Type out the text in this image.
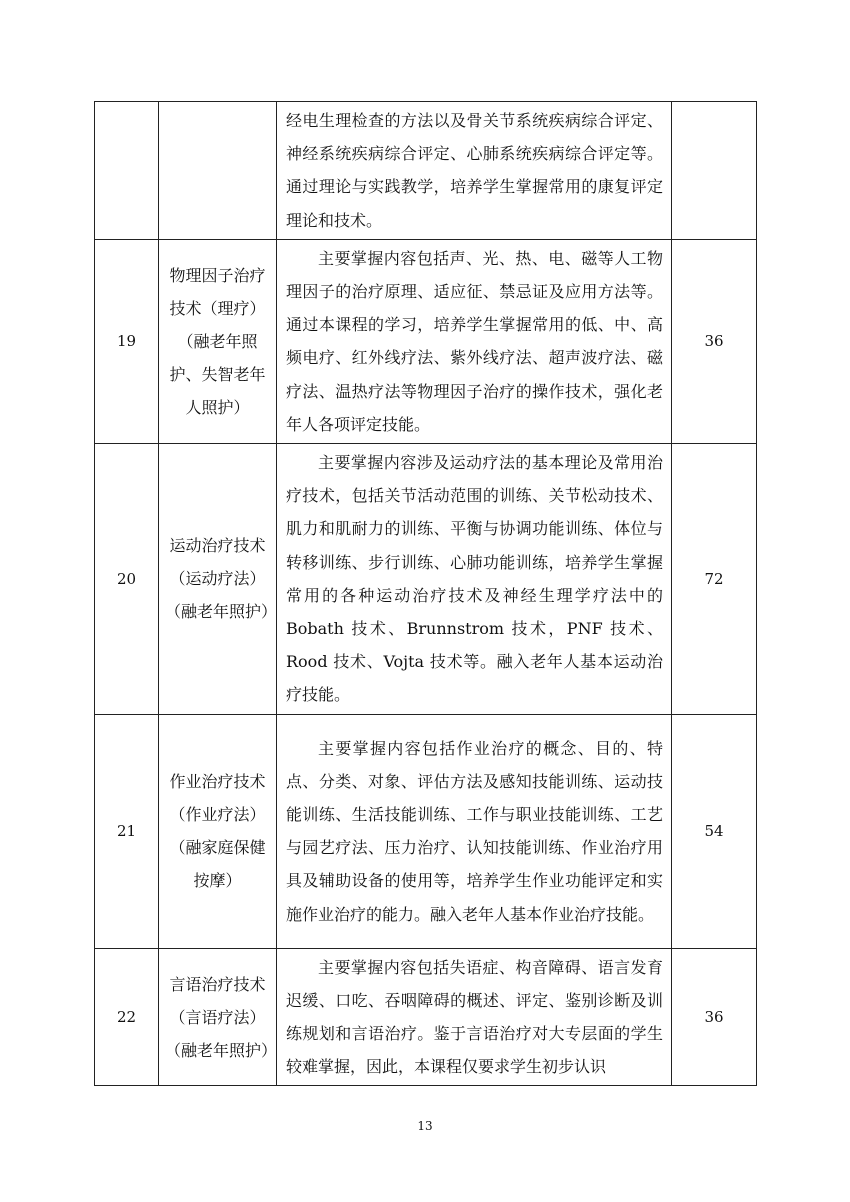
		经电生理检查的方法以及骨关节系统疾病综合评定、神经系统疾病综合评定、心肺系统疾病综合评定等。通过理论与实践教学，培养学生掌握常用的康复评定理论和技术。	
19	物理因子治疗技术（理疗）（融老年照护、失智老年人照护）	主要掌握内容包括声、光、热、电、磁等人工物理因子的治疗原理、适应征、禁忌证及应用方法等。通过本课程的学习，培养学生掌握常用的低、中、高频电疗、红外线疗法、紫外线疗法、超声波疗法、磁疗法、温热疗法等物理因子治疗的操作技术，强化老年人各项评定技能。	36
20	运动治疗技术（运动疗法）（融老年照护）	主要掌握内容涉及运动疗法的基本理论及常用治疗技术，包括关节活动范围的训练、关节松动技术、肌力和肌耐力的训练、平衡与协调功能训练、体位与转移训练、步行训练、心肺功能训练，培养学生掌握常用的各种运动治疗技术及神经生理学疗法中的 Bobath 技术、Brunnstrom 技术，PNF 技术、Rood 技术、Vojta 技术等。融入老年人基本运动治疗技能。	72
21	作业治疗技术（作业疗法）（融家庭保健按摩）	主要掌握内容包括作业治疗的概念、目的、特点、分类、对象、评估方法及感知技能训练、运动技能训练、生活技能训练、工作与职业技能训练、工艺与园艺疗法、压力治疗、认知技能训练、作业治疗用具及辅助设备的使用等，培养学生作业功能评定和实施作业治疗的能力。融入老年人基本作业治疗技能。	54
22	言语治疗技术（言语疗法）（融老年照护）	主要掌握内容包括失语症、构音障碍、语言发育迟缓、口吃、吞咽障碍的概述、评定、鉴别诊断及训练规划和言语治疗。鉴于言语治疗对大专层面的学生较难掌握，因此，本课程仅要求学生初步认识	36
13
